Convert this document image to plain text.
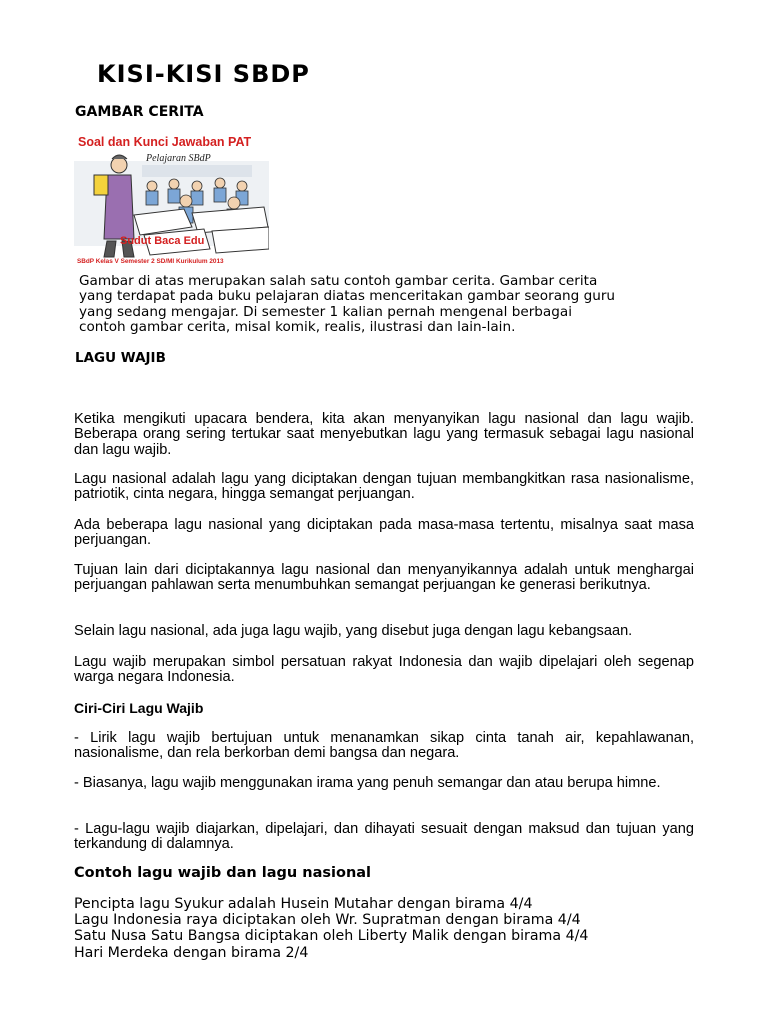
KISI-KISI SBDP
GAMBAR CERITA
Soal dan Kunci Jawaban PAT
Pelajaran SBdP
Sudut Baca Edu
SBdP Kelas V Semester 2 SD/MI Kurikulum 2013
Gambar di atas merupakan salah satu contoh gambar cerita. Gambar cerita
yang terdapat pada buku pelajaran diatas menceritakan gambar seorang guru
yang sedang mengajar. Di semester 1 kalian pernah mengenal berbagai
contoh gambar cerita, misal komik, realis, ilustrasi dan lain-lain.
LAGU WAJIB

Ketika mengikuti upacara bendera, kita akan menyanyikan lagu nasional dan lagu wajib. Beberapa orang sering tertukar saat menyebutkan lagu yang termasuk sebagai lagu nasional dan lagu wajib.

Lagu nasional adalah lagu yang diciptakan dengan tujuan membangkitkan rasa nasionalisme, patriotik, cinta negara, hingga semangat perjuangan.

Ada beberapa lagu nasional yang diciptakan pada masa-masa tertentu, misalnya saat masa perjuangan.

Tujuan lain dari diciptakannya lagu nasional dan menyanyikannya adalah untuk menghargai perjuangan pahlawan serta menumbuhkan semangat perjuangan ke generasi berikutnya.

Selain lagu nasional, ada juga lagu wajib, yang disebut juga dengan lagu kebangsaan.

Lagu wajib merupakan simbol persatuan rakyat Indonesia dan wajib dipelajari oleh segenap warga negara Indonesia.

Ciri-Ciri Lagu Wajib

- Lirik lagu wajib bertujuan untuk menanamkan sikap cinta tanah air, kepahlawanan, nasionalisme, dan rela berkorban demi bangsa dan negara.

- Biasanya, lagu wajib menggunakan irama yang penuh semangar dan atau berupa himne.

- Lagu-lagu wajib diajarkan, dipelajari, dan dihayati sesuait dengan maksud dan tujuan yang terkandung di dalamnya.

Contoh lagu wajib dan lagu nasional
Pencipta lagu Syukur adalah Husein Mutahar dengan birama 4/4
Lagu Indonesia raya diciptakan oleh Wr. Supratman dengan birama 4/4
Satu Nusa Satu Bangsa diciptakan oleh Liberty Malik dengan birama 4/4
Hari Merdeka dengan birama 2/4
